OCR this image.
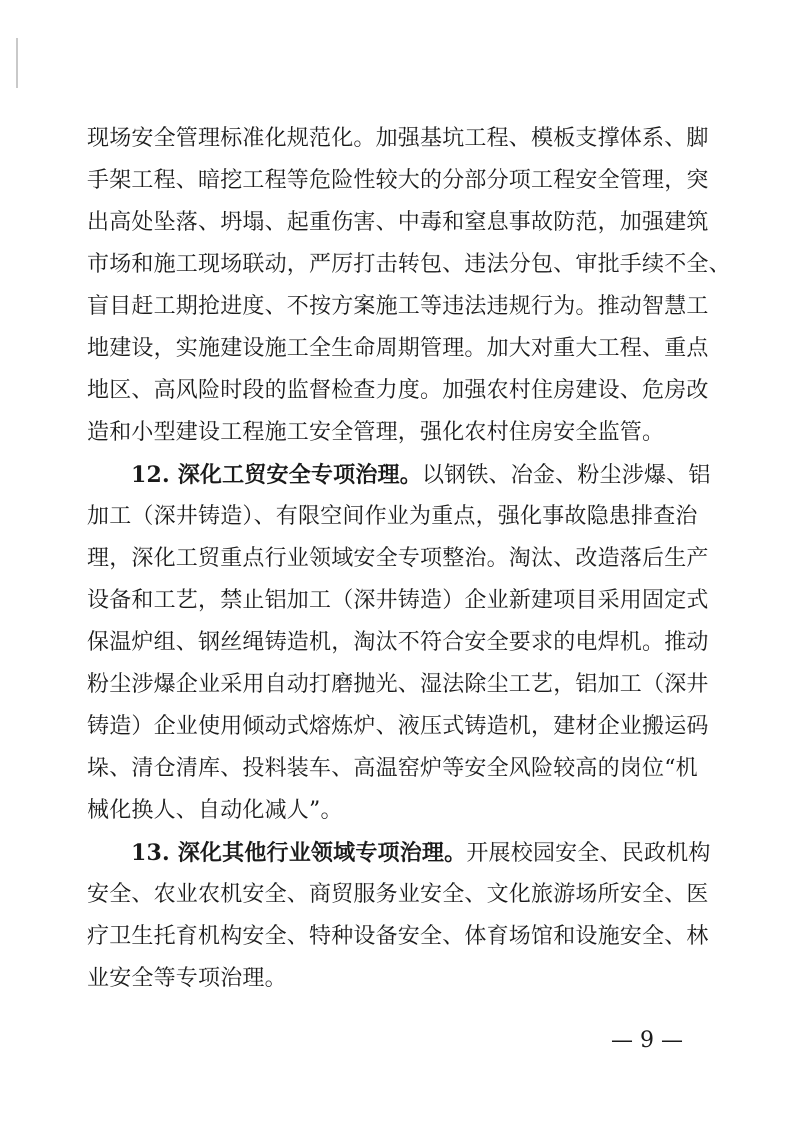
现场安全管理标准化规范化。加强基坑工程、模板支撑体系、脚
手架工程、暗挖工程等危险性较大的分部分项工程安全管理，突
出高处坠落、坍塌、起重伤害、中毒和窒息事故防范，加强建筑
市场和施工现场联动，严厉打击转包、违法分包、审批手续不全、
盲目赶工期抢进度、不按方案施工等违法违规行为。推动智慧工
地建设，实施建设施工全生命周期管理。加大对重大工程、重点
地区、高风险时段的监督检查力度。加强农村住房建设、危房改
造和小型建设工程施工安全管理，强化农村住房安全监管。
12. 深化工贸安全专项治理。以钢铁、冶金、粉尘涉爆、铝
加工（深井铸造）、有限空间作业为重点，强化事故隐患排查治
理，深化工贸重点行业领域安全专项整治。淘汰、改造落后生产
设备和工艺，禁止铝加工（深井铸造）企业新建项目采用固定式
保温炉组、钢丝绳铸造机，淘汰不符合安全要求的电焊机。推动
粉尘涉爆企业采用自动打磨抛光、湿法除尘工艺，铝加工（深井
铸造）企业使用倾动式熔炼炉、液压式铸造机，建材企业搬运码
垛、清仓清库、投料装车、高温窑炉等安全风险较高的岗位“机
械化换人、自动化减人”。
13. 深化其他行业领域专项治理。开展校园安全、民政机构
安全、农业农机安全、商贸服务业安全、文化旅游场所安全、医
疗卫生托育机构安全、特种设备安全、体育场馆和设施安全、林
业安全等专项治理。
— 9 —
